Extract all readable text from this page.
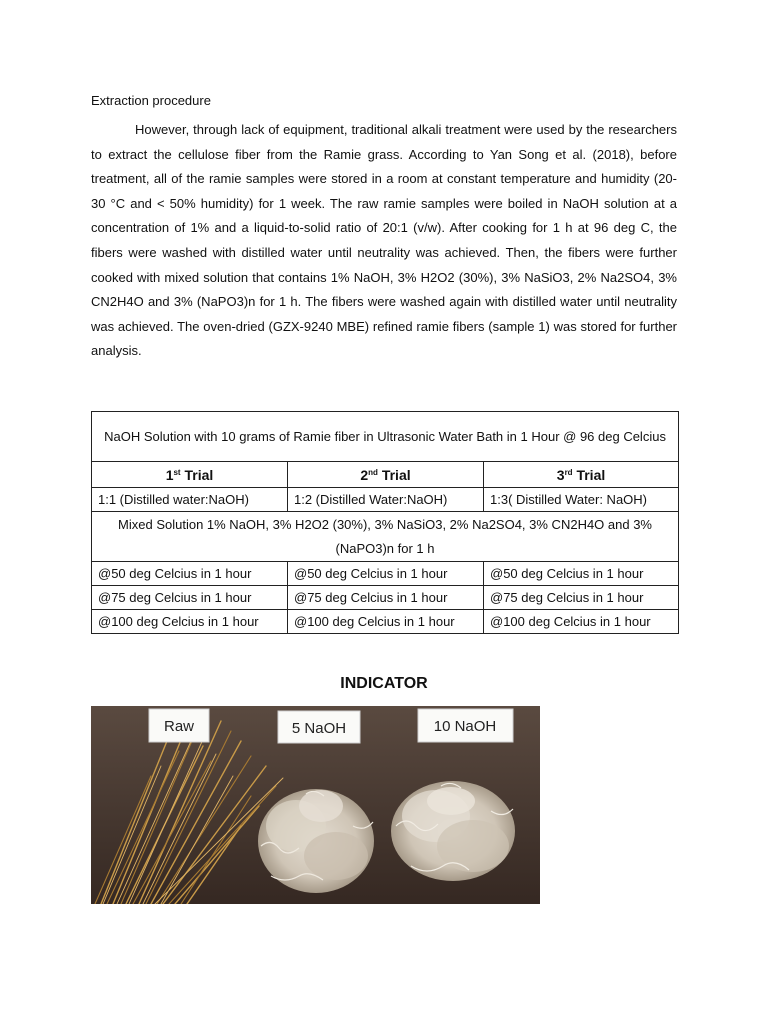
Extraction procedure

However, through lack of equipment, traditional alkali treatment were used by the researchers to extract the cellulose fiber from the Ramie grass. According to Yan Song et al. (2018), before treatment, all of the ramie samples were stored in a room at constant temperature and humidity (20-30 °C and < 50% humidity) for 1 week. The raw ramie samples were boiled in NaOH solution at a concentration of 1% and a liquid-to-solid ratio of 20:1 (v/w). After cooking for 1 h at 96 deg C, the fibers were washed with distilled water until neutrality was achieved. Then, the fibers were further cooked with mixed solution that contains 1% NaOH, 3% H2O2 (30%), 3% NaSiO3, 2% Na2SO4, 3% CN2H4O and 3% (NaPO3)n for 1 h. The fibers were washed again with distilled water until neutrality was achieved. The oven-dried (GZX-9240 MBE) refined ramie fibers (sample 1) was stored for further analysis.

NaOH Solution with 10 grams of Ramie fiber in Ultrasonic Water Bath in 1 Hour @ 96 deg Celcius		
1st Trial	2nd Trial	3rd Trial
1:1 (Distilled water:NaOH)	1:2 (Distilled Water:NaOH)	1:3( Distilled Water: NaOH)
Mixed Solution 1% NaOH, 3% H2O2 (30%), 3% NaSiO3, 2% Na2SO4, 3% CN2H4O and 3% (NaPO3)n for 1 h		
@50 deg Celcius in 1 hour	@50 deg Celcius in 1 hour	@50 deg Celcius in 1 hour
@75 deg Celcius in 1 hour	@75 deg Celcius in 1 hour	@75 deg Celcius in 1 hour
@100 deg Celcius in 1 hour	@100 deg Celcius in 1 hour	@100 deg Celcius in 1 hour
INDICATOR
Raw	5 NaOH	10 NaOH
